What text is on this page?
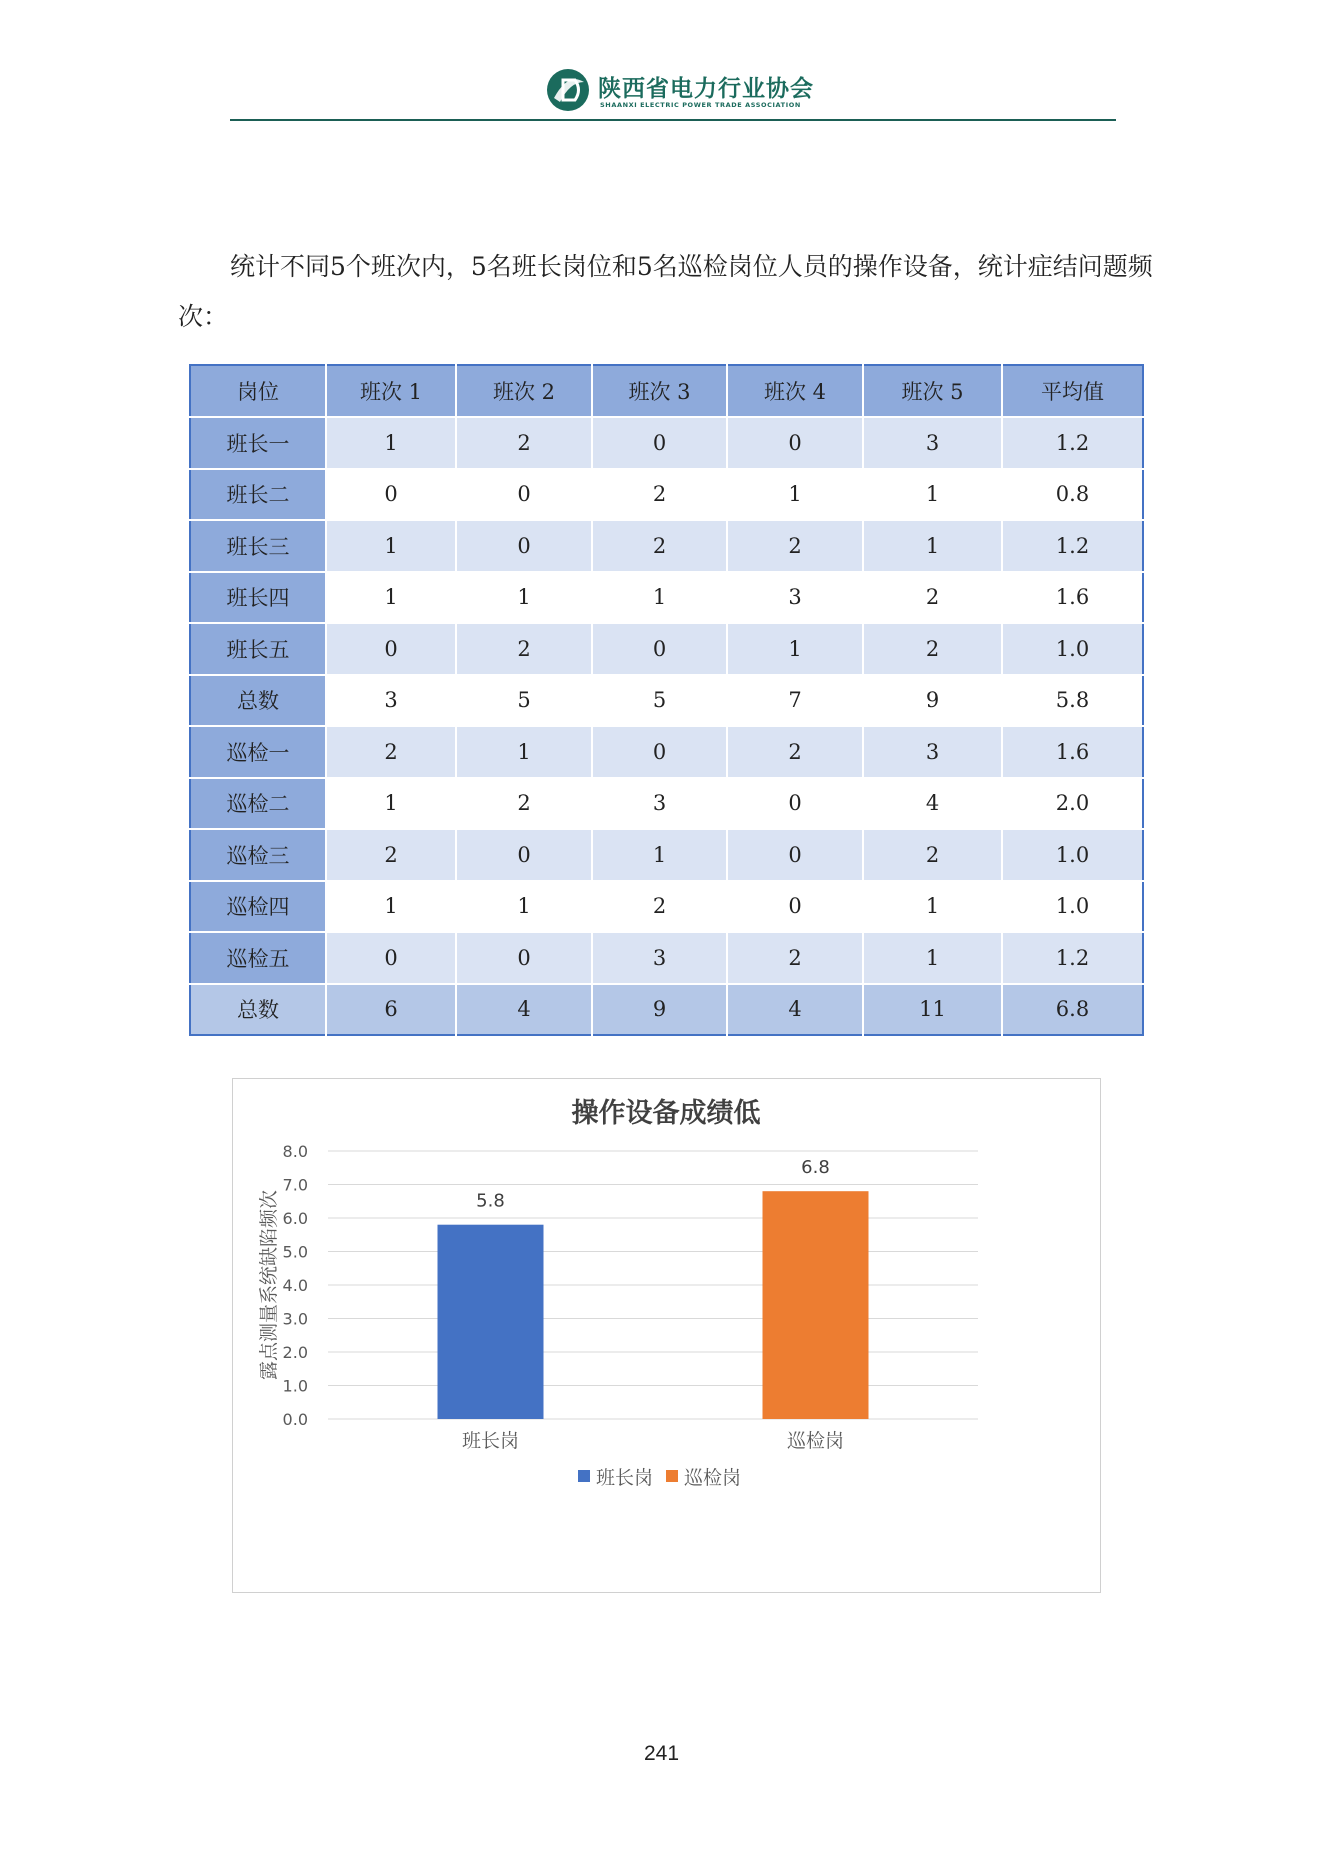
陕西省电力行业协会
SHAANXI ELECTRIC POWER TRADE ASSOCIATION
统计不同5个班次内，5名班长岗位和5名巡检岗位人员的操作设备，统计症结问题频次：
岗位	班次 1	班次 2	班次 3	班次 4	班次 5	平均值
班长一	1	2	0	0	3	1.2
班长二	0	0	2	1	1	0.8
班长三	1	0	2	2	1	1.2
班长四	1	1	1	3	2	1.6
班长五	0	2	0	1	2	1.0
总数	3	5	5	7	9	5.8
巡检一	2	1	0	2	3	1.6
巡检二	1	2	3	0	4	2.0
巡检三	2	0	1	0	2	1.0
巡检四	1	1	2	0	1	1.0
巡检五	0	0	3	2	1	1.2
总数	6	4	9	4	11	6.8
操作设备成绩低
0.0
1.0
2.0
3.0
4.0
5.0
6.0
7.0
8.0
5.8
班长岗
6.8
巡检岗
露点测量系统缺陷频次
班长岗 巡检岗
241
